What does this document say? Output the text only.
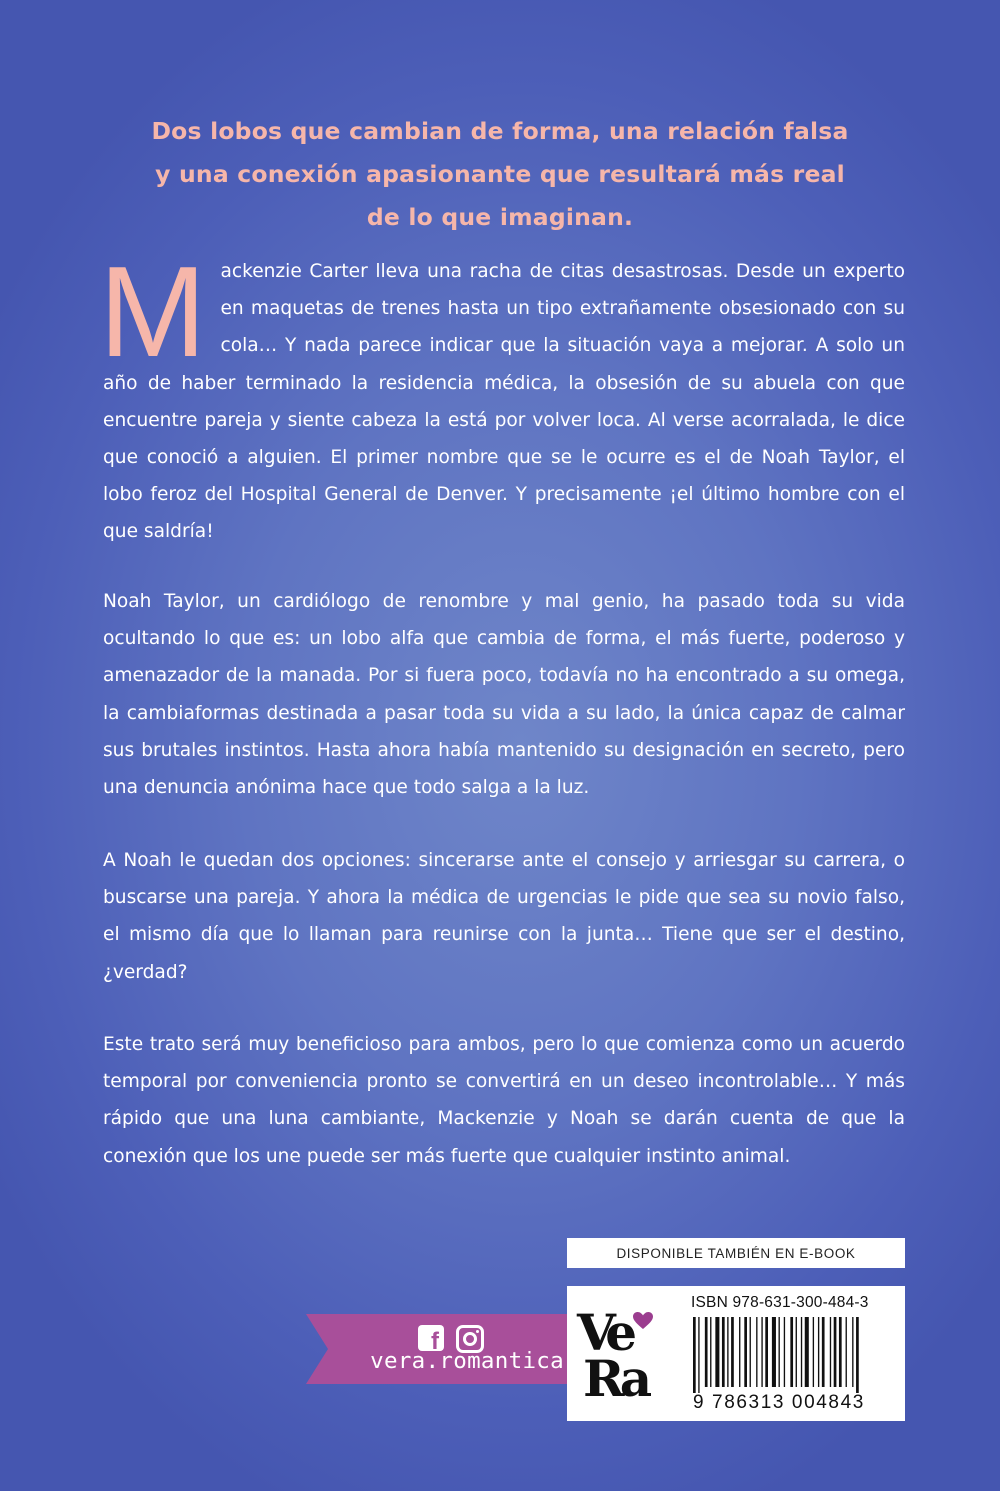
Dos lobos que cambian de forma, una relación falsa
y una conexión apasionante que resultará más real
de lo que imaginan.
Mackenzie Carter lleva una racha de citas desastrosas. Desde un experto en maquetas de trenes hasta un tipo extrañamente obsesionado con su cola… Y nada parece indicar que la situación vaya a mejorar. A solo un año de haber terminado la residencia médica, la obsesión de su abuela con que encuentre pareja y siente cabeza la está por volver loca. Al verse acorralada, le dice que conoció a alguien. El primer nombre que se le ocurre es el de Noah Taylor, el lobo feroz del Hospital General de Denver. Y precisamente ¡el último hombre con el que saldría!
Noah Taylor, un cardiólogo de renombre y mal genio, ha pasado toda su vida ocultando lo que es: un lobo alfa que cambia de forma, el más fuerte, poderoso y amenazador de la manada. Por si fuera poco, todavía no ha encontrado a su omega, la cambiaformas destinada a pasar toda su vida a su lado, la única capaz de calmar sus brutales instintos. Hasta ahora había mantenido su designación en secreto, pero una denuncia anónima hace que todo salga a la luz.
A Noah le quedan dos opciones: sincerarse ante el consejo y arriesgar su carrera, o buscarse una pareja. Y ahora la médica de urgencias le pide que sea su novio falso, el mismo día que lo llaman para reunirse con la junta… Tiene que ser el destino, ¿verdad?
Este trato será muy beneficioso para ambos, pero lo que comienza como un acuerdo temporal por conveniencia pronto se convertirá en un deseo incontrolable… Y más rápido que una luna cambiante, Mackenzie y Noah se darán cuenta de que la conexión que los une puede ser más fuerte que cualquier instinto animal.
DISPONIBLE TAMBIÉN EN E-BOOK
f
vera.romantica Ve
Ra
ISBN 978-631-300-484-3
9 786313 004843
